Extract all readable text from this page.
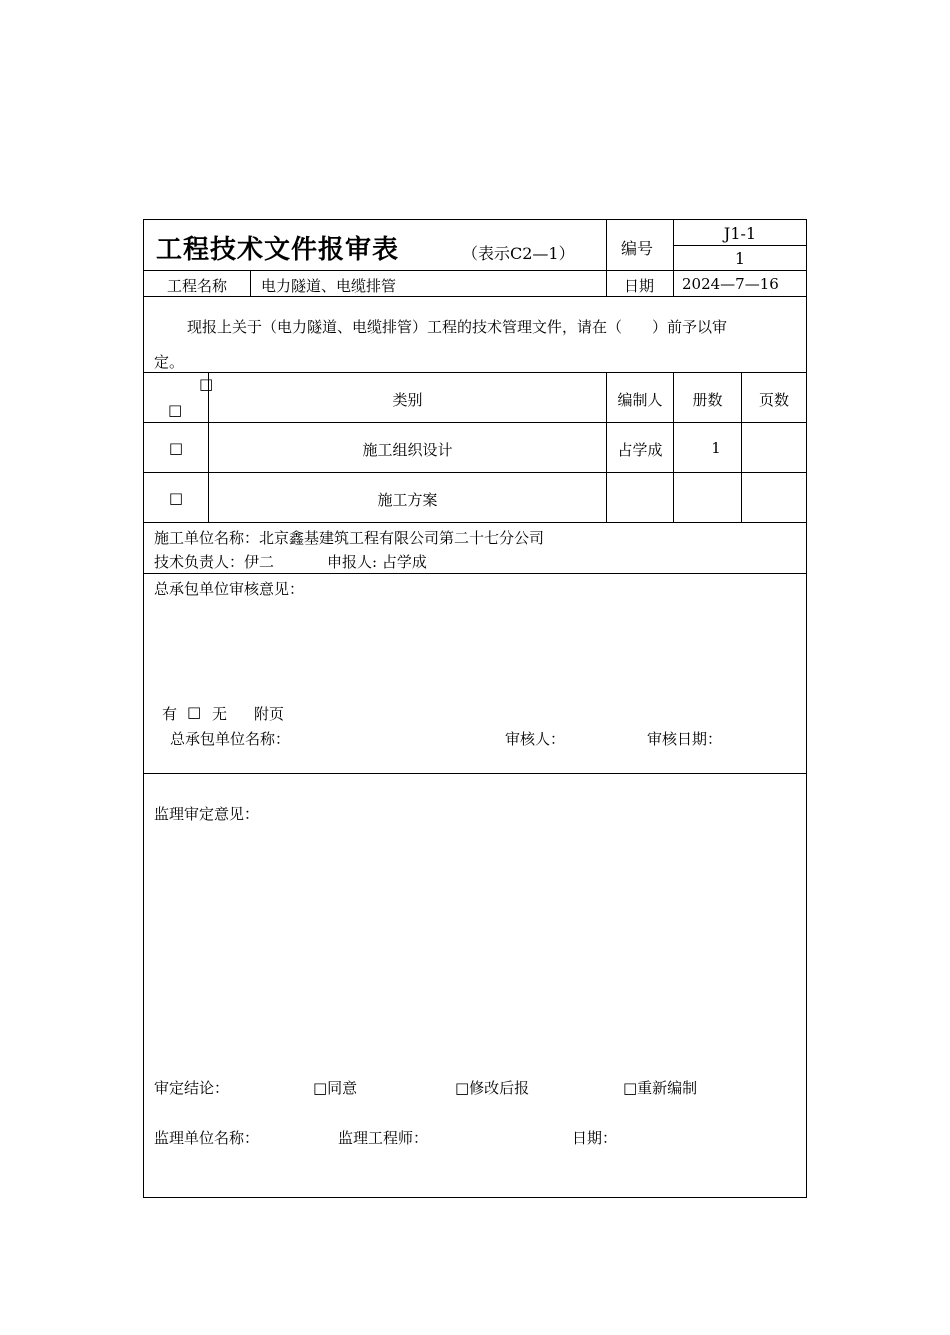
工程技术文件报审表	（表示C2—1）	编号
J1-1
1
工程名称	电力隧道、电缆排管	日期 2024—7—16
现报上关于（电力隧道、电缆排管）工程的技术管理文件，请在（　　）前予以审
定。
□
□
类别	编制人	册数	页数
□	施工组织设计	占学成	1
□	施工方案
施工单位名称：北京鑫基建筑工程有限公司第二十七分公司
技术负责人：伊二	申报人: 占学成
总承包单位审核意见：
有 □ 无 附页
总承包单位名称：	审核人：	审核日期：
监理审定意见：
审定结论：	□同意	□修改后报	□重新编制
监理单位名称：	监理工程师：	日期：
